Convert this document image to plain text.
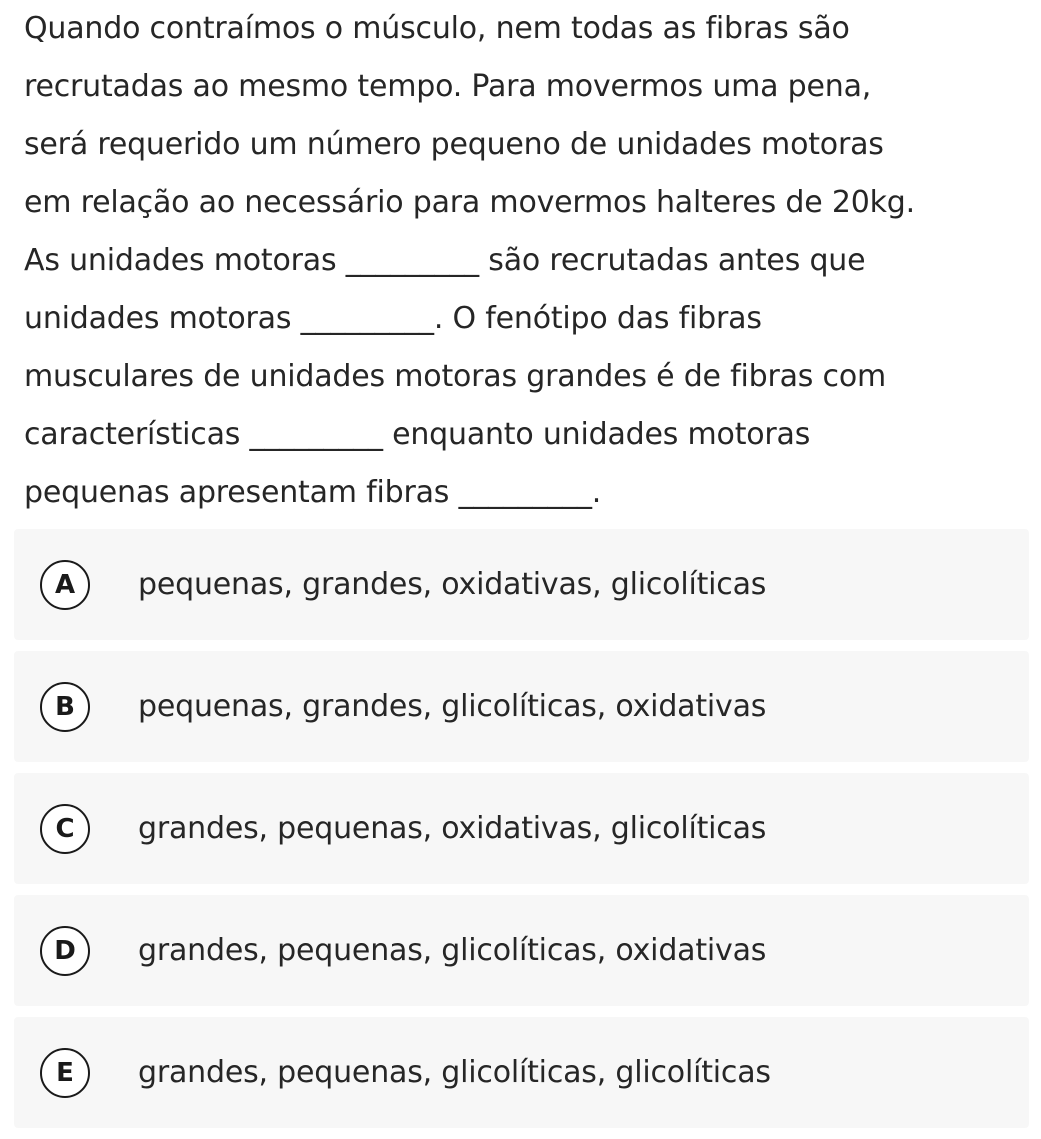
Quando contraímos o músculo, nem todas as fibras são

recrutadas ao mesmo tempo. Para movermos uma pena,

será requerido um número pequeno de unidades motoras

em relação ao necessário para movermos halteres de 20kg.

As unidades motoras _________ são recrutadas antes que

unidades motoras _________. O fenótipo das fibras

musculares de unidades motoras grandes é de fibras com

características _________ enquanto unidades motoras

pequenas apresentam fibras _________.

A	pequenas, grandes, oxidativas, glicolíticas
B	pequenas, grandes, glicolíticas, oxidativas
C	grandes, pequenas, oxidativas, glicolíticas
D	grandes, pequenas, glicolíticas, oxidativas
E	grandes, pequenas, glicolíticas, glicolíticas
